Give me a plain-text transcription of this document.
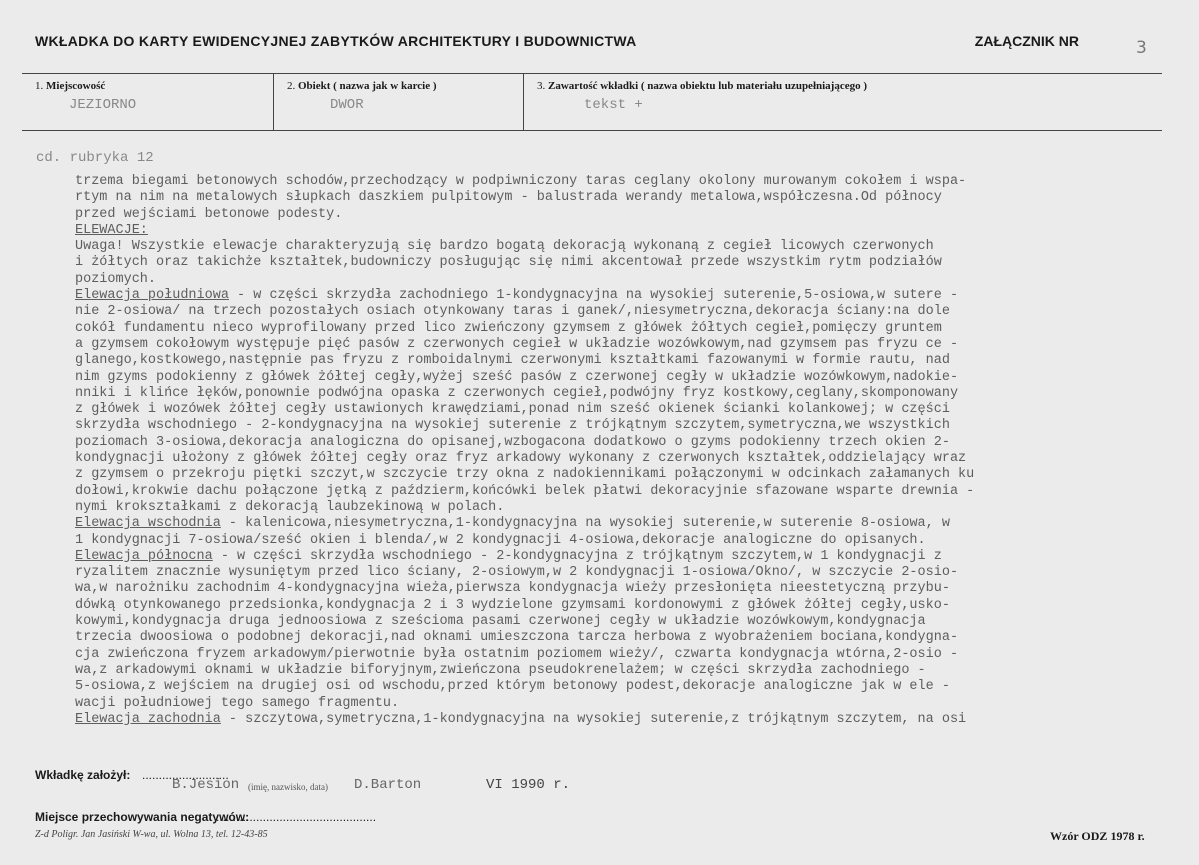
WKŁADKA DO KARTY EWIDENCYJNEJ ZABYTKÓW ARCHITEKTURY I BUDOWNICTWA	ZAŁĄCZNIK NR	3
1. Miejscowość
JEZIORNO
2. Obiekt ( nazwa jak w karcie )
DWOR
3. Zawartość wkładki ( nazwa obiektu lub materiału uzupełniającego )
tekst +
cd. rubryka 12
trzema biegami betonowych schodów,przechodzący w podpiwniczony taras ceglany okolony murowanym cokołem i wspa-
rtym na nim na metalowych słupkach daszkiem pulpitowym - balustrada werandy metalowa,współczesna.Od północy
przed wejściami betonowe podesty.
ELEWACJE:
Uwaga! Wszystkie elewacje charakteryzują się bardzo bogatą dekoracją wykonaną z cegieł licowych czerwonych
i żółtych oraz takichże kształtek,budowniczy posługując się nimi akcentował przede wszystkim rytm podziałów
poziomych.
Elewacja południowa - w części skrzydła zachodniego 1-kondygnacyjna na wysokiej suterenie,5-osiowa,w sutere -
nie 2-osiowa/ na trzech pozostałych osiach otynkowany taras i ganek/,niesymetryczna,dekoracja ściany:na dole
cokół fundamentu nieco wyprofilowany przed lico zwieńczony gzymsem z główek żółtych cegieł,pomięczy gruntem
a gzymsem cokołowym występuje pięć pasów z czerwonych cegieł w układzie wozówkowym,nad gzymsem pas fryzu ce -
glanego,kostkowego,następnie pas fryzu z romboidalnymi czerwonymi kształtkami fazowanymi w formie rautu, nad
nim gzyms podokienny z główek żółtej cegły,wyżej sześć pasów z czerwonej cegły w układzie wozówkowym,nadokie-
nniki i klińce łęków,ponownie podwójna opaska z czerwonych cegieł,podwójny fryz kostkowy,ceglany,skomponowany
z główek i wozówek żółtej cegły ustawionych krawędziami,ponad nim sześć okienek ścianki kolankowej; w części
skrzydła wschodniego - 2-kondygnacyjna na wysokiej suterenie z trójkątnym szczytem,symetryczna,we wszystkich
poziomach 3-osiowa,dekoracja analogiczna do opisanej,wzbogacona dodatkowo o gzyms podokienny trzech okien 2-
kondygnacji ułożony z główek żółtej cegły oraz fryz arkadowy wykonany z czerwonych kształtek,oddzielający wraz
z gzymsem o przekroju piętki szczyt,w szczycie trzy okna z nadokiennikami połączonymi w odcinkach załamanych ku
dołowi,krokwie dachu połączone jętką z paździerm,końcówki belek płatwi dekoracyjnie sfazowane wsparte drewnia -
nymi krokształkami z dekoracją laubzekinową w polach.
Elewacja wschodnia - kalenicowa,niesymetryczna,1-kondygnacyjna na wysokiej suterenie,w suterenie 8-osiowa, w
1 kondygnacji 7-osiowa/sześć okien i blenda/,w 2 kondygnacji 4-osiowa,dekoracje analogiczne do opisanych.
Elewacja północna - w części skrzydła wschodniego - 2-kondygnacyjna z trójkątnym szczytem,w 1 kondygnacji z
ryzalitem znacznie wysuniętym przed lico ściany, 2-osiowym,w 2 kondygnacji 1-osiowa/Okno/, w szczycie 2-osio-
wa,w narożniku zachodnim 4-kondygnacyjna wieża,pierwsza kondygnacja wieży przesłonięta nieestetyczną przybu-
dówką otynkowanego przedsionka,kondygnacja 2 i 3 wydzielone gzymsami kordonowymi z główek żółtej cegły,usko-
kowymi,kondygnacja druga jednoosiowa z sześciomа pasami czerwonej cegły w układzie wozówkowym,kondygnacja
trzecia dwoosiowa o podobnej dekoracji,nad oknami umieszczona tarcza herbowa z wyobrażeniem bociana,kondygna-
cja zwieńczona fryzem arkadowym/pierwotnie była ostatnim poziomem wieży/, czwarta kondygnacja wtórna,2-osio -
wa,z arkadowymi oknami w układzie biforyjnym,zwieńczona pseudokrenelażem; w części skrzydła zachodniego -
5-osiowa,z wejściem na drugiej osi od wschodu,przed którym betonowy podest,dekoracje analogiczne jak w ele -
wacji południowej tego samego fragmentu.
Elewacja zachodnia - szczytowa,symetryczna,1-kondygnacyjna na wysokiej suterenie,z trójkątnym szczytem, na osi
Wkładkę założył: ..........................
B.Jesion (imię, nazwisko, data) D.Barton	VI 1990 r.
Miejsce przechowywania negatywów:
................................................
Z-d Poligr. Jan Jasiński W-wa, ul. Wolna 13, tel. 12-43-85	Wzór ODZ 1978 r.
